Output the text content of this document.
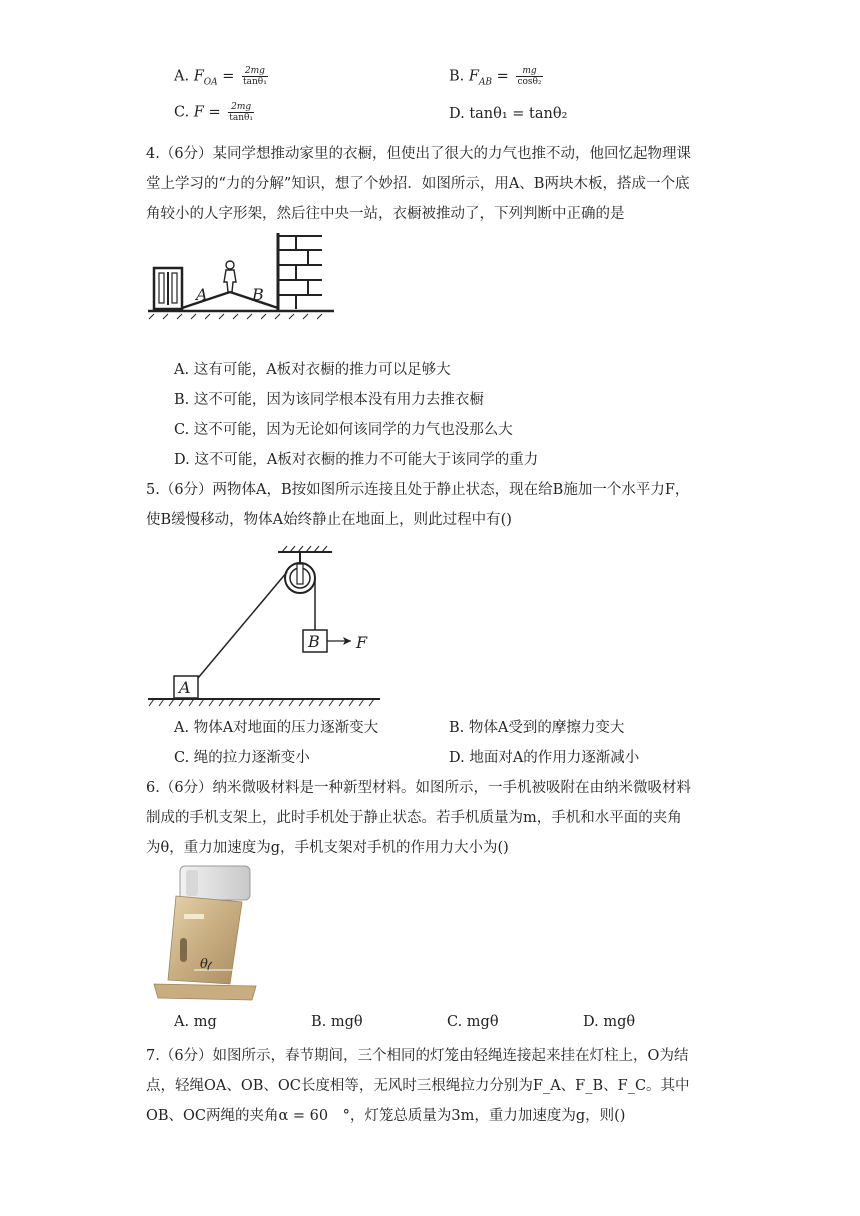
A. $F_{OA} = \frac{2mg}{\text{tanθ₁}}$	B. $F_{AB} = \frac{mg}{\text{cosθ₂}}$
C. $F = \frac{2mg}{\text{tanθ₁}}$	D. tanθ₁ = tanθ₂
4.（6分）某同学想推动家里的衣橱，但使出了很大的力气也推不动，他回忆起物理课
堂上学习的“力的分解”知识，想了个妙招．如图所示，用A、B两块木板，搭成一个底
角较小的人字形架，然后往中央一站，衣橱被推动了，下列判断中正确的是
A	B
A. 这有可能，A板对衣橱的推力可以足够大
B. 这不可能，因为该同学根本没有用力去推衣橱
C. 这不可能，因为无论如何该同学的力气也没那么大
D. 这不可能，A板对衣橱的推力不可能大于该同学的重力
5.（6分）两物体A，B按如图所示连接且处于静止状态，现在给B施加一个水平力F，
使B缓慢移动，物体A始终静止在地面上，则此过程中有()
B F
A
A. 物体A对地面的压力逐渐变大	B. 物体A受到的摩擦力变大
C. 绳的拉力逐渐变小	D. 地面对A的作用力逐渐减小
6.（6分）纳米微吸材料是一种新型材料。如图所示，一手机被吸附在由纳米微吸材料
制成的手机支架上，此时手机处于静止状态。若手机质量为m，手机和水平面的夹角
为θ，重力加速度为g，手机支架对手机的作用力大小为()
θ
A. mg	B. mgθ	C. mgθ	D. mgθ
7.（6分）如图所示，春节期间，三个相同的灯笼由轻绳连接起来挂在灯柱上，O为结
点，轻绳OA、OB、OC长度相等，无风时三根绳拉力分别为F_A、F_B、F_C。其中
OB、OC两绳的夹角α = 60　°，灯笼总质量为3m，重力加速度为g，则()
